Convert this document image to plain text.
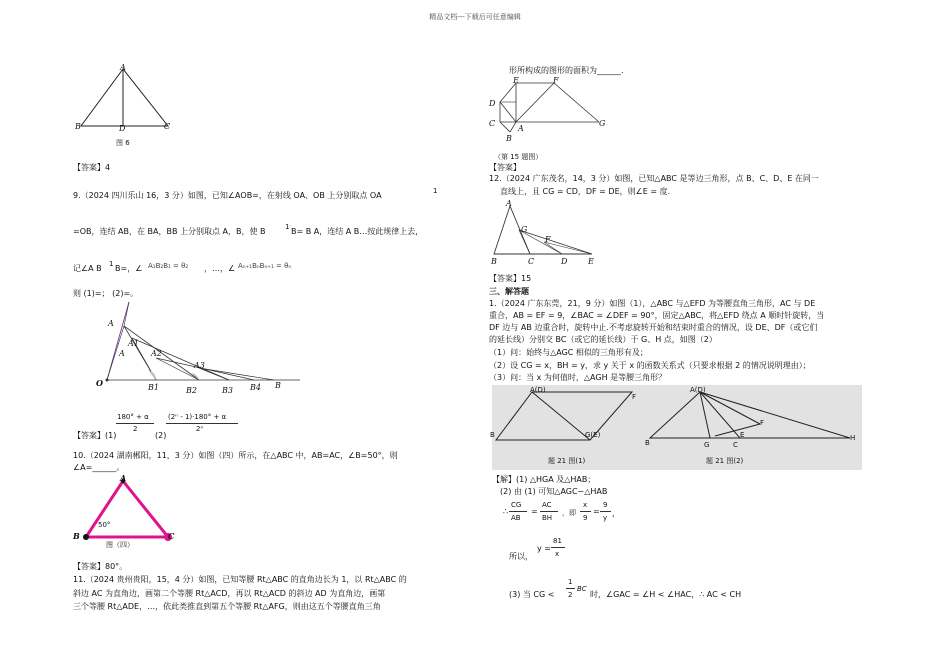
精品文档---下载后可任意编辑
A
B	D	C
图 6
【答案】4
9.（2024 四川乐山 16，3 分）如图，已知∠AOB=，在射线 OA、OB 上分别取点 OA	1
=OB，连结 AB，在 BA，BB 上分别取点 A，B，使 B	1 B= B A，连结 A B…按此规律上去，
记∠A B 1 B=，∠ A₁B₂B₁ = θ₂ ，…，∠ Aₙ₊₁BₙBₙ₊₁ = θₙ
则 (1)=； (2)=。
A
A1
A	A2
A3
O	B1	B2	B3 B4 B
180° + α
2
(2ⁿ - 1)·180° + α
2ⁿ
【答案】(1)	(2)
10.（2024 湖南郴阳，11，3 分）如图（四）所示，在△ABC 中，AB=AC，∠B=50°，则
∠A=______。
A
B	C
50°
图（四）
【答案】80°。
11.（2024 贵州贵阳，15，4 分）如图，已知等腰 Rt△ABC 的直角边长为 1，以 Rt△ABC 的
斜边 AC 为直角边，画第二个等腰 Rt△ACD，再以 Rt△ACD 的斜边 AD 为直角边，画第
三个等腰 Rt△ADE，…，依此类推直到第五个等腰 Rt△AFG，则由这五个等腰直角三角
形所构成的图形的面积为______.
E	F
D
C
A
B
G
（第 15 题图）
【答案】
12.（2024 广东茂名，14，3 分）如图，已知△ABC 是等边三角形，点 B、C、D、E 在同一
直线上，且 CG = CD，DF = DE，则∠E = 度.
A
G
F
B	C	D	E
【答案】15
三、解答题
1.（2024 广东东莞，21，9 分）如图（1），△ABC 与△EFD 为等腰直角三角形，AC 与 DE
重合，AB = EF = 9，∠BAC = ∠DEF = 90°，固定△ABC，将△EFD 绕点 A 顺时针旋转，当
DF 边与 AB 边重合时，旋转中止.不考虑旋转开始和结束时重合的情况，设 DE、DF（或它们
的延长线）分别交 BC（或它的延长线）于 G、H 点，如图（2）
（1）问：始终与△AGC 相似的三角形有及；
（2）设 CG = x，BH = y，求 y 关于 x 的函数关系式（只要求根据 2 的情况说明理由）；
（3）问：当 x 为何值时，△AGH 是等腰三角形？
A(D)
F
B	G(E)
题 21 图(1)
A(D)
F
E
B	G	C
H
题 21 图(2)
【解】(1) △HGA 及△HAB；
(2) 由 (1) 可知△AGC∽△HAB
CG
AB
∴	=
AC
BH
，即
x
9
=
9
y ，
所以，
y =
81
x
(3) 当 CG <
1
2
BC
时，∠GAC = ∠H < ∠HAC，∴ AC < CH
